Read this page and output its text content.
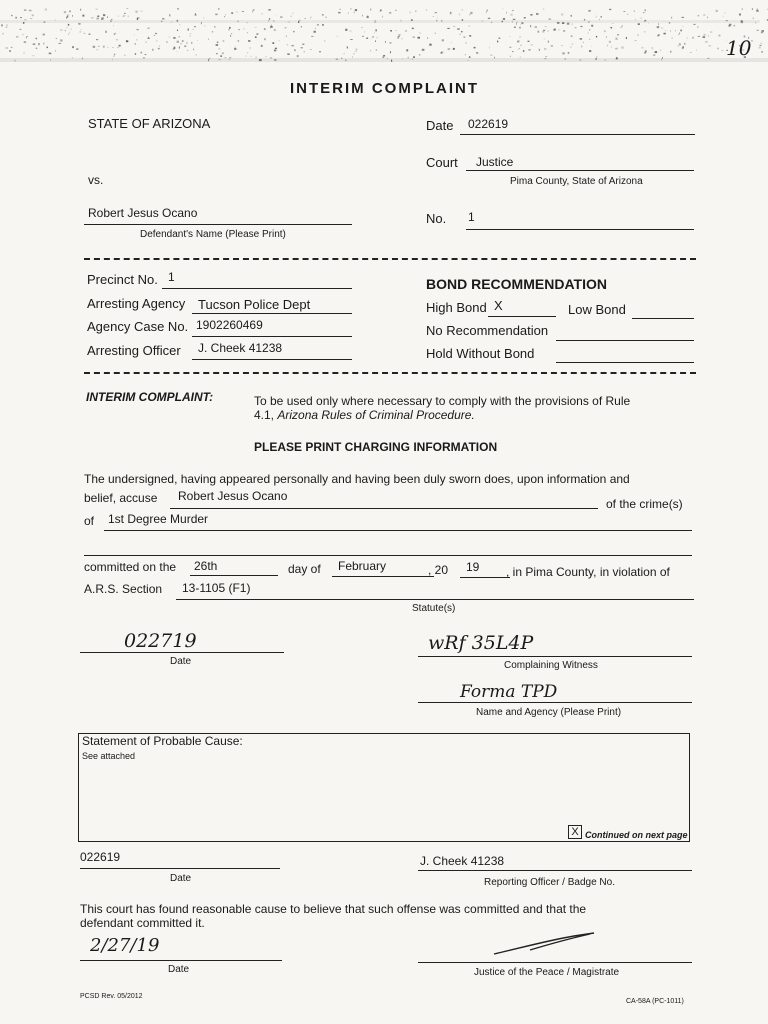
10
INTERIM COMPLAINT
STATE OF ARIZONA
vs.
Robert Jesus Ocano
Defendant's Name (Please Print)
Date 022619
Court Justice
Pima County, State of Arizona
No. 1
Precinct No. 1
Arresting Agency Tucson Police Dept
Agency Case No. 1902260469
Arresting Officer J. Cheek 41238
BOND RECOMMENDATION
High Bond X	Low Bond
No Recommendation
Hold Without Bond
INTERIM COMPLAINT:	To be used only where necessary to comply with the provisions of Rule
4.1, Arizona Rules of Criminal Procedure.
PLEASE PRINT CHARGING INFORMATION
The undersigned, having appeared personally and having been duly sworn does, upon information and
belief, accuse Robert Jesus Ocano
of the crime(s)
of 1st Degree Murder
committed on the 26th	day of February	, 20 19 , in Pima County, in violation of
A.R.S. Section 13-1105 (F1)
Statute(s)
022719
Date
wRf 35L4P
Complaining Witness
Forma TPD
Name and Agency (Please Print)
Statement of Probable Cause:
See attached
X Continued on next page
022619
Date
J. Cheek 41238
Reporting Officer / Badge No.
This court has found reasonable cause to believe that such offense was committed and that the
defendant committed it.
2/27/19
Date	Justice of the Peace / Magistrate
PCSD Rev. 05/2012
CA-58A (PC-1011)
